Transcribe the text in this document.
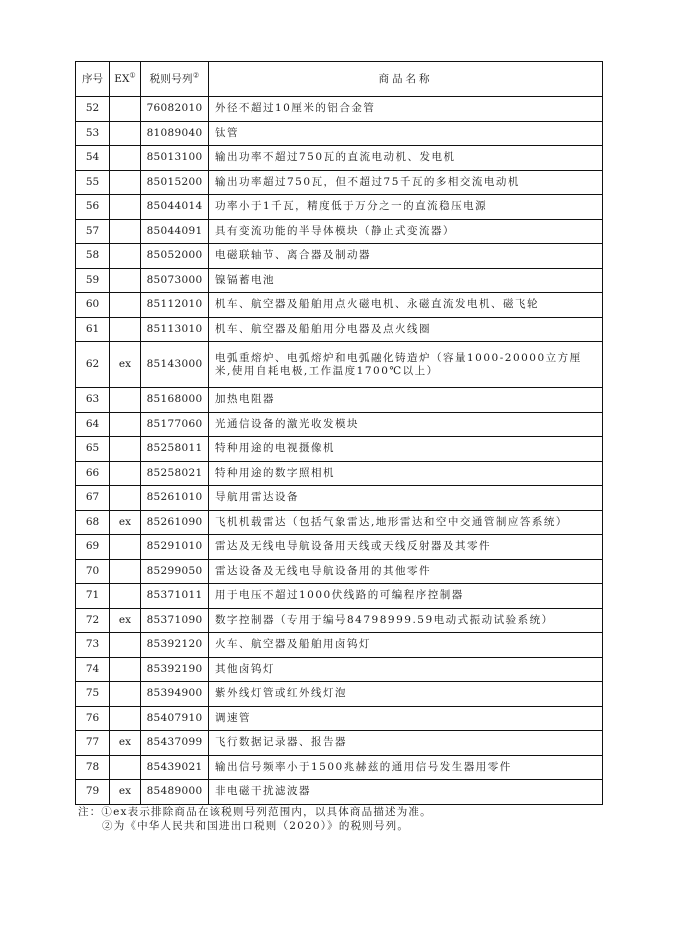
序号	EX①	税则号列②	商品名称
52		76082010	外径不超过10厘米的铝合金管
53		81089040	钛管
54		85013100	输出功率不超过750瓦的直流电动机、发电机
55		85015200	输出功率超过750瓦，但不超过75千瓦的多相交流电动机
56		85044014	功率小于1千瓦，精度低于万分之一的直流稳压电源
57		85044091	具有变流功能的半导体模块（静止式变流器）
58		85052000	电磁联轴节、离合器及制动器
59		85073000	镍镉蓄电池
60		85112010	机车、航空器及船舶用点火磁电机、永磁直流发电机、磁飞轮
61		85113010	机车、航空器及船舶用分电器及点火线圈
62	ex	85143000	电弧重熔炉、电弧熔炉和电弧融化铸造炉（容量1000-20000立方厘米,使用自耗电极,工作温度1700℃以上）
63		85168000	加热电阻器
64		85177060	光通信设备的激光收发模块
65		85258011	特种用途的电视摄像机
66		85258021	特种用途的数字照相机
67		85261010	导航用雷达设备
68	ex	85261090	飞机机载雷达（包括气象雷达,地形雷达和空中交通管制应答系统）
69		85291010	雷达及无线电导航设备用天线或天线反射器及其零件
70		85299050	雷达设备及无线电导航设备用的其他零件
71		85371011	用于电压不超过1000伏线路的可编程序控制器
72	ex	85371090	数字控制器（专用于编号84798999.59电动式振动试验系统）
73		85392120	火车、航空器及船舶用卤钨灯
74		85392190	其他卤钨灯
75		85394900	紫外线灯管或红外线灯泡
76		85407910	调速管
77	ex	85437099	飞行数据记录器、报告器
78		85439021	输出信号频率小于1500兆赫兹的通用信号发生器用零件
79	ex	85489000	非电磁干扰滤波器
注：①ex表示排除商品在该税则号列范围内，以具体商品描述为准。
②为《中华人民共和国进出口税则（2020）》的税则号列。
